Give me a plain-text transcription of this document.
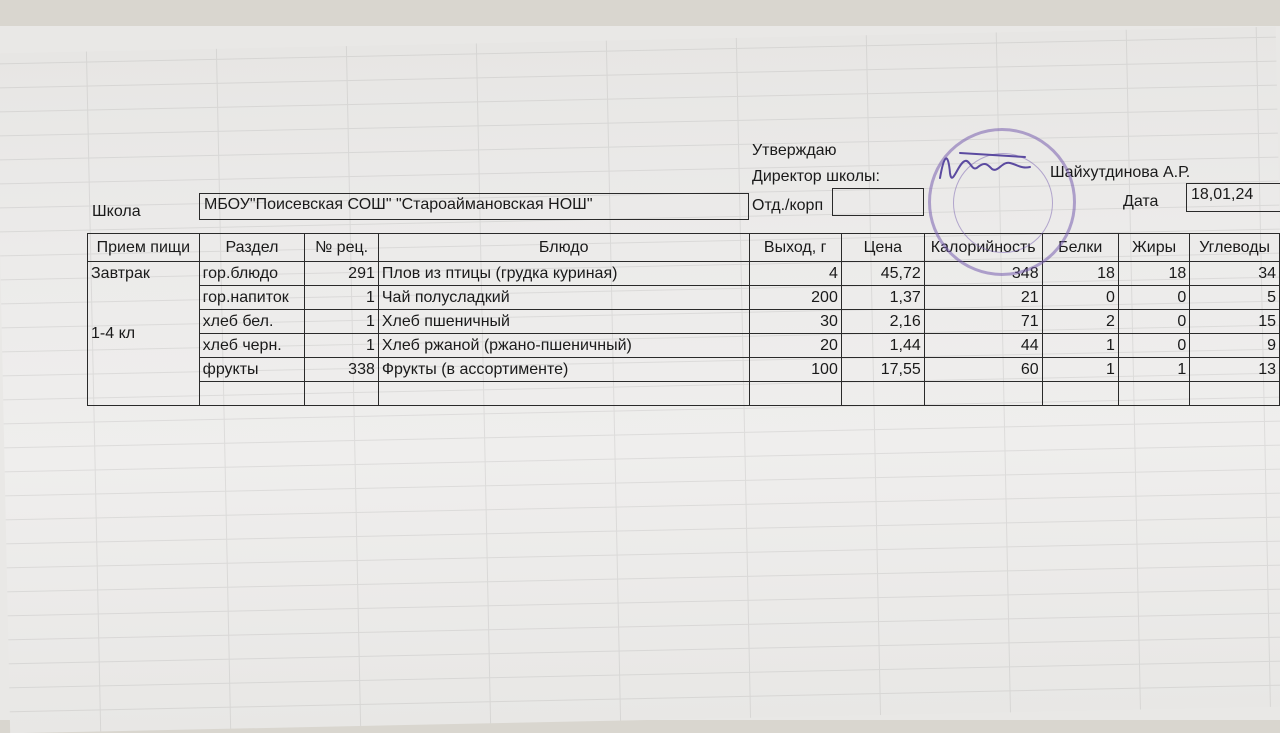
Утверждаю
Директор школы:	Шайхутдинова А.Р.
Школа	МБОУ"Поисевская СОШ" "Староаймановская НОШ"	Отд./корп	Дата	18,01,24
Прием пищи	Раздел	№ рец.	Блюдо	Выход, г	Цена	Калорийность	Белки	Жиры	Углеводы

Завтрак
1-4 кл	гор.блюдо	291	Плов из птицы (грудка куриная)	4	45,72	348	18	18	34
	гор.напиток	1	Чай полусладкий	200	1,37	21	0	0	5
	хлеб бел.	1	Хлеб пшеничный	30	2,16	71	2	0	15
	хлеб черн.	1	Хлеб ржаной (ржано-пшеничный)	20	1,44	44	1	0	9
	фрукты	338	Фрукты (в ассортименте)	100	17,55	60	1	1	13
